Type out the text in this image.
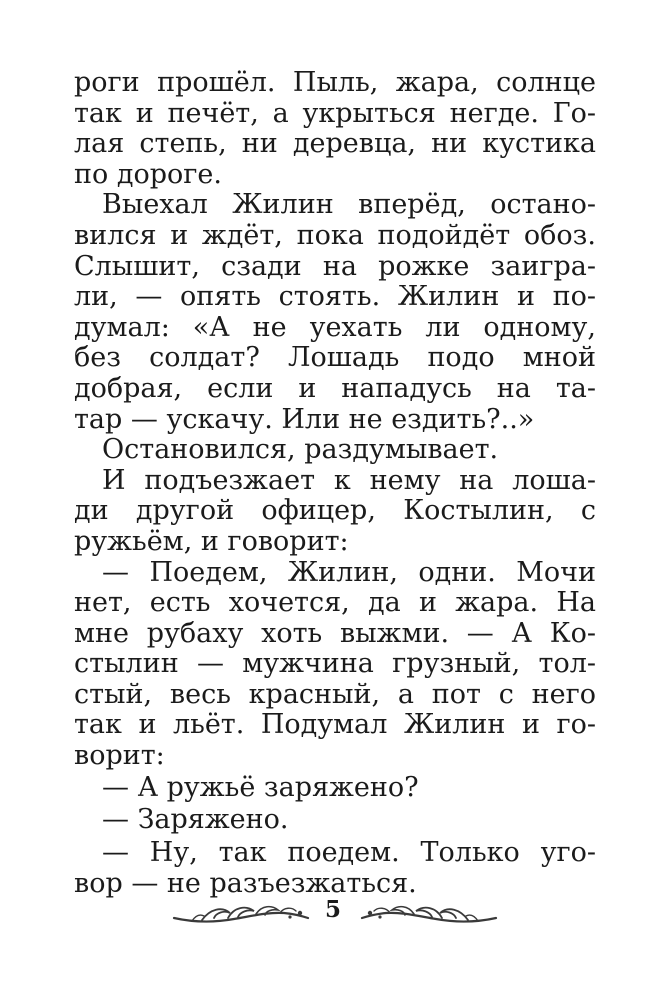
роги прошёл. Пыль, жара, солнце
так и печёт, а укрыться негде. Го-
лая степь, ни деревца, ни кустика
по дороге.
Выехал Жилин вперёд, остано-
вился и ждёт, пока подойдёт обоз.
Слышит, сзади на рожке заигра-
ли, — опять стоять. Жилин и по-
думал: «А не уехать ли одному,
без солдат? Лошадь подо мной
добрая, если и нападусь на та-
тар — ускачу. Или не ездить?..»
Остановился, раздумывает.
И подъезжает к нему на лоша-
ди другой офицер, Костылин, с
ружьём, и говорит:
— Поедем, Жилин, одни. Мочи
нет, есть хочется, да и жара. На
мне рубаху хоть выжми. — А Ко-
стылин — мужчина грузный, тол-
стый, весь красный, а пот с него
так и льёт. Подумал Жилин и го-
ворит:
— А ружьё заряжено?
— Заряжено.
— Ну, так поедем. Только уго-
вор — не разъезжаться.
5
